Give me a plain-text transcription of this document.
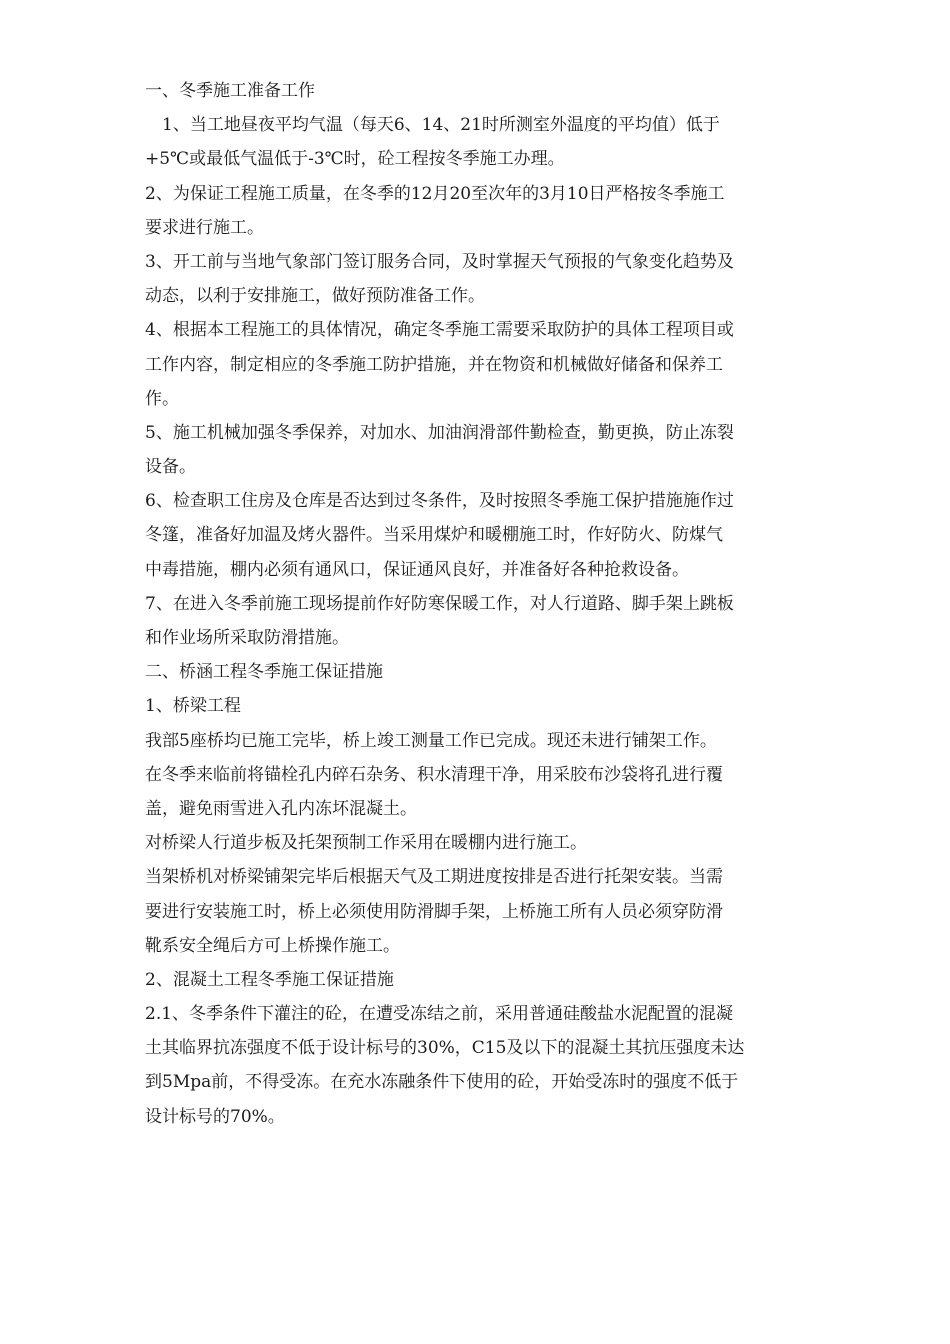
一、冬季施工准备工作
1、当工地昼夜平均气温（每天6、14、21时所测室外温度的平均值）低于
+5℃或最低气温低于-3℃时，砼工程按冬季施工办理。
2、为保证工程施工质量，在冬季的12月20至次年的3月10日严格按冬季施工
要求进行施工。
3、开工前与当地气象部门签订服务合同，及时掌握天气预报的气象变化趋势及
动态，以利于安排施工，做好预防准备工作。
4、根据本工程施工的具体情况，确定冬季施工需要采取防护的具体工程项目或
工作内容，制定相应的冬季施工防护措施，并在物资和机械做好储备和保养工
作。
5、施工机械加强冬季保养，对加水、加油润滑部件勤检查，勤更换，防止冻裂
设备。
6、检查职工住房及仓库是否达到过冬条件，及时按照冬季施工保护措施施作过
冬篷，准备好加温及烤火器件。当采用煤炉和暖棚施工时，作好防火、防煤气
中毒措施，棚内必须有通风口，保证通风良好，并准备好各种抢救设备。
7、在进入冬季前施工现场提前作好防寒保暖工作，对人行道路、脚手架上跳板
和作业场所采取防滑措施。
二、桥涵工程冬季施工保证措施
1、桥梁工程
我部5座桥均已施工完毕，桥上竣工测量工作已完成。现还未进行铺架工作。
在冬季来临前将锚栓孔内碎石杂务、积水清理干净，用采胶布沙袋将孔进行覆
盖，避免雨雪进入孔内冻坏混凝土。
对桥梁人行道步板及托架预制工作采用在暖棚内进行施工。
当架桥机对桥梁铺架完毕后根据天气及工期进度按排是否进行托架安装。当需
要进行安装施工时，桥上必须使用防滑脚手架，上桥施工所有人员必须穿防滑
靴系安全绳后方可上桥操作施工。
2、混凝土工程冬季施工保证措施
2.1、冬季条件下灌注的砼，在遭受冻结之前，采用普通硅酸盐水泥配置的混凝
土其临界抗冻强度不低于设计标号的30%，C15及以下的混凝土其抗压强度未达
到5Mpa前，不得受冻。在充水冻融条件下使用的砼，开始受冻时的强度不低于
设计标号的70%。
